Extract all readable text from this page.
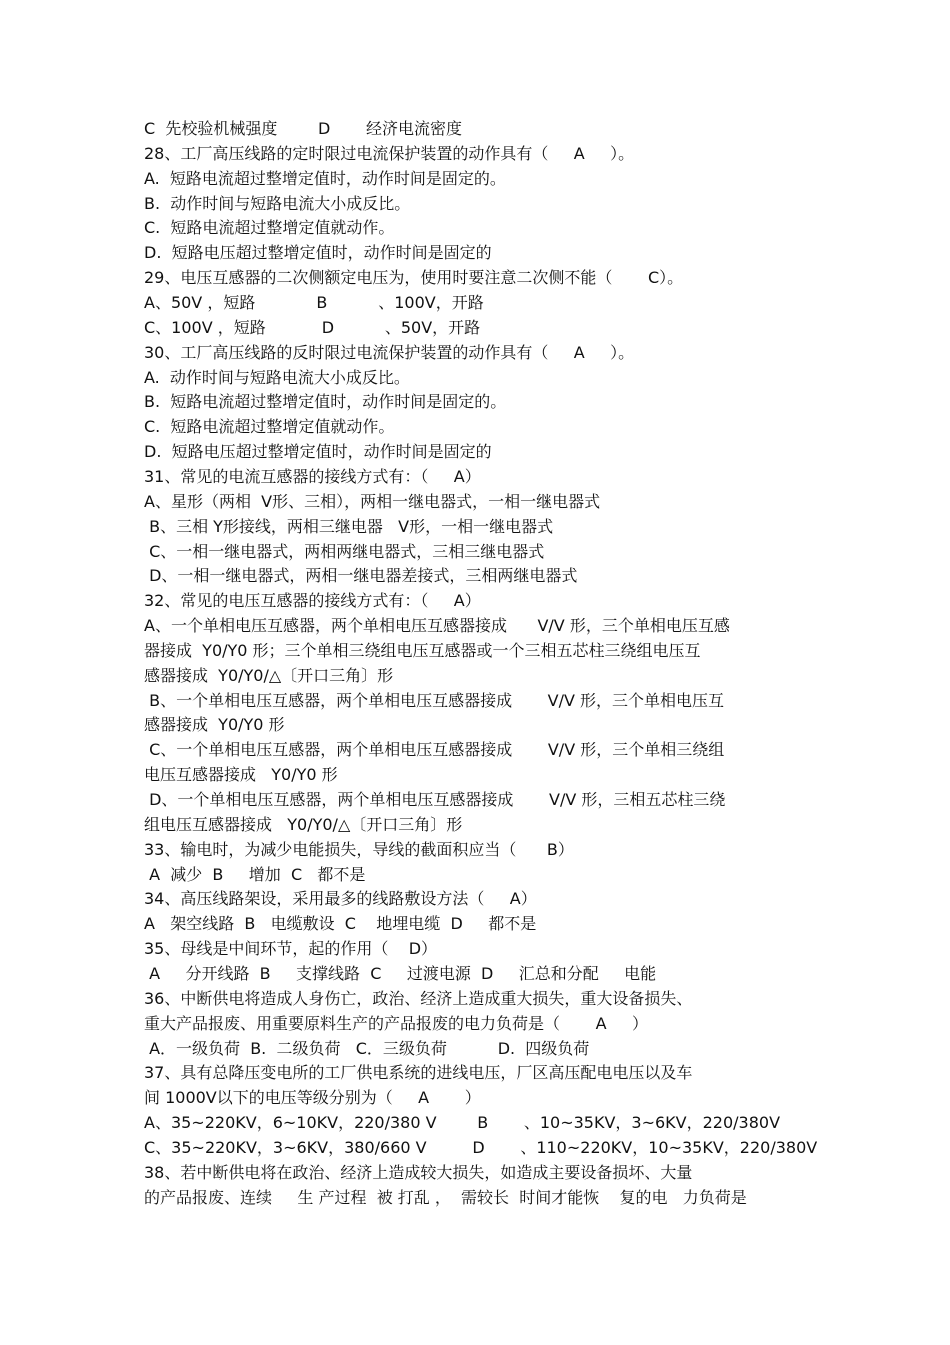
C  先校验机械强度        D       经济电流密度
28、工厂高压线路的定时限过电流保护装置的动作具有（     A     ）。
A.  短路电流超过整增定值时，动作时间是固定的。
B.  动作时间与短路电流大小成反比。
C.  短路电流超过整增定值就动作。
D.  短路电压超过整增定值时，动作时间是固定的
29、电压互感器的二次侧额定电压为，使用时要注意二次侧不能（       C）。
A、50V ，短路            B          、100V，开路
C、100V ，短路           D          、50V，开路
30、工厂高压线路的反时限过电流保护装置的动作具有（     A     ）。
A.  动作时间与短路电流大小成反比。
B.  短路电流超过整增定值时，动作时间是固定的。
C.  短路电流超过整增定值就动作。
D.  短路电压超过整增定值时，动作时间是固定的
31、常见的电流互感器的接线方式有：（     A）
A、星形（两相  V形、三相），两相一继电器式，一相一继电器式
B、三相 Y形接线，两相三继电器   V形，一相一继电器式
C、一相一继电器式，两相两继电器式，三相三继电器式
D、一相一继电器式，两相一继电器差接式，三相两继电器式
32、常见的电压互感器的接线方式有：（     A）
A、一个单相电压互感器，两个单相电压互感器接成      V/V 形，三个单相电压互感
器接成  Y0/Y0 形；三个单相三绕组电压互感器或一个三相五芯柱三绕组电压互
感器接成  Y0/Y0/△〔开口三角〕形
B、一个单相电压互感器，两个单相电压互感器接成       V/V 形，三个单相电压互
感器接成  Y0/Y0 形
C、一个单相电压互感器，两个单相电压互感器接成       V/V 形，三个单相三绕组
电压互感器接成   Y0/Y0 形
D、一个单相电压互感器，两个单相电压互感器接成       V/V 形，三相五芯柱三绕
组电压互感器接成   Y0/Y0/△〔开口三角〕形
33、输电时，为减少电能损失，导线的截面积应当（      B）
A  减少  B     增加  C   都不是
34、高压线路架设，采用最多的线路敷设方法（     A）
A   架空线路  B   电缆敷设  C    地埋电缆  D     都不是
35、母线是中间环节，起的作用（    D）
A     分开线路  B     支撑线路  C     过渡电源  D     汇总和分配     电能
36、中断供电将造成人身伤亡，政治、经济上造成重大损失，重大设备损失、
重大产品报废、用重要原料生产的产品报废的电力负荷是（       A     ）
A．一级负荷  B.  二级负荷   C．三级负荷          D.  四级负荷
37、具有总降压变电所的工厂供电系统的进线电压，厂区高压配电电压以及车
间 1000V以下的电压等级分别为（     A       ）
A、35~220KV，6~10KV，220/380 V        B       、10~35KV，3~6KV，220/380V
C、35~220KV，3~6KV，380/660 V         D       、110~220KV，10~35KV，220/380V
38、若中断供电将在政治、经济上造成较大损失，如造成主要设备损坏、大量
的产品报废、连续     生 产过程  被 打乱 ，  需较长  时间才能恢    复的电   力负荷是
